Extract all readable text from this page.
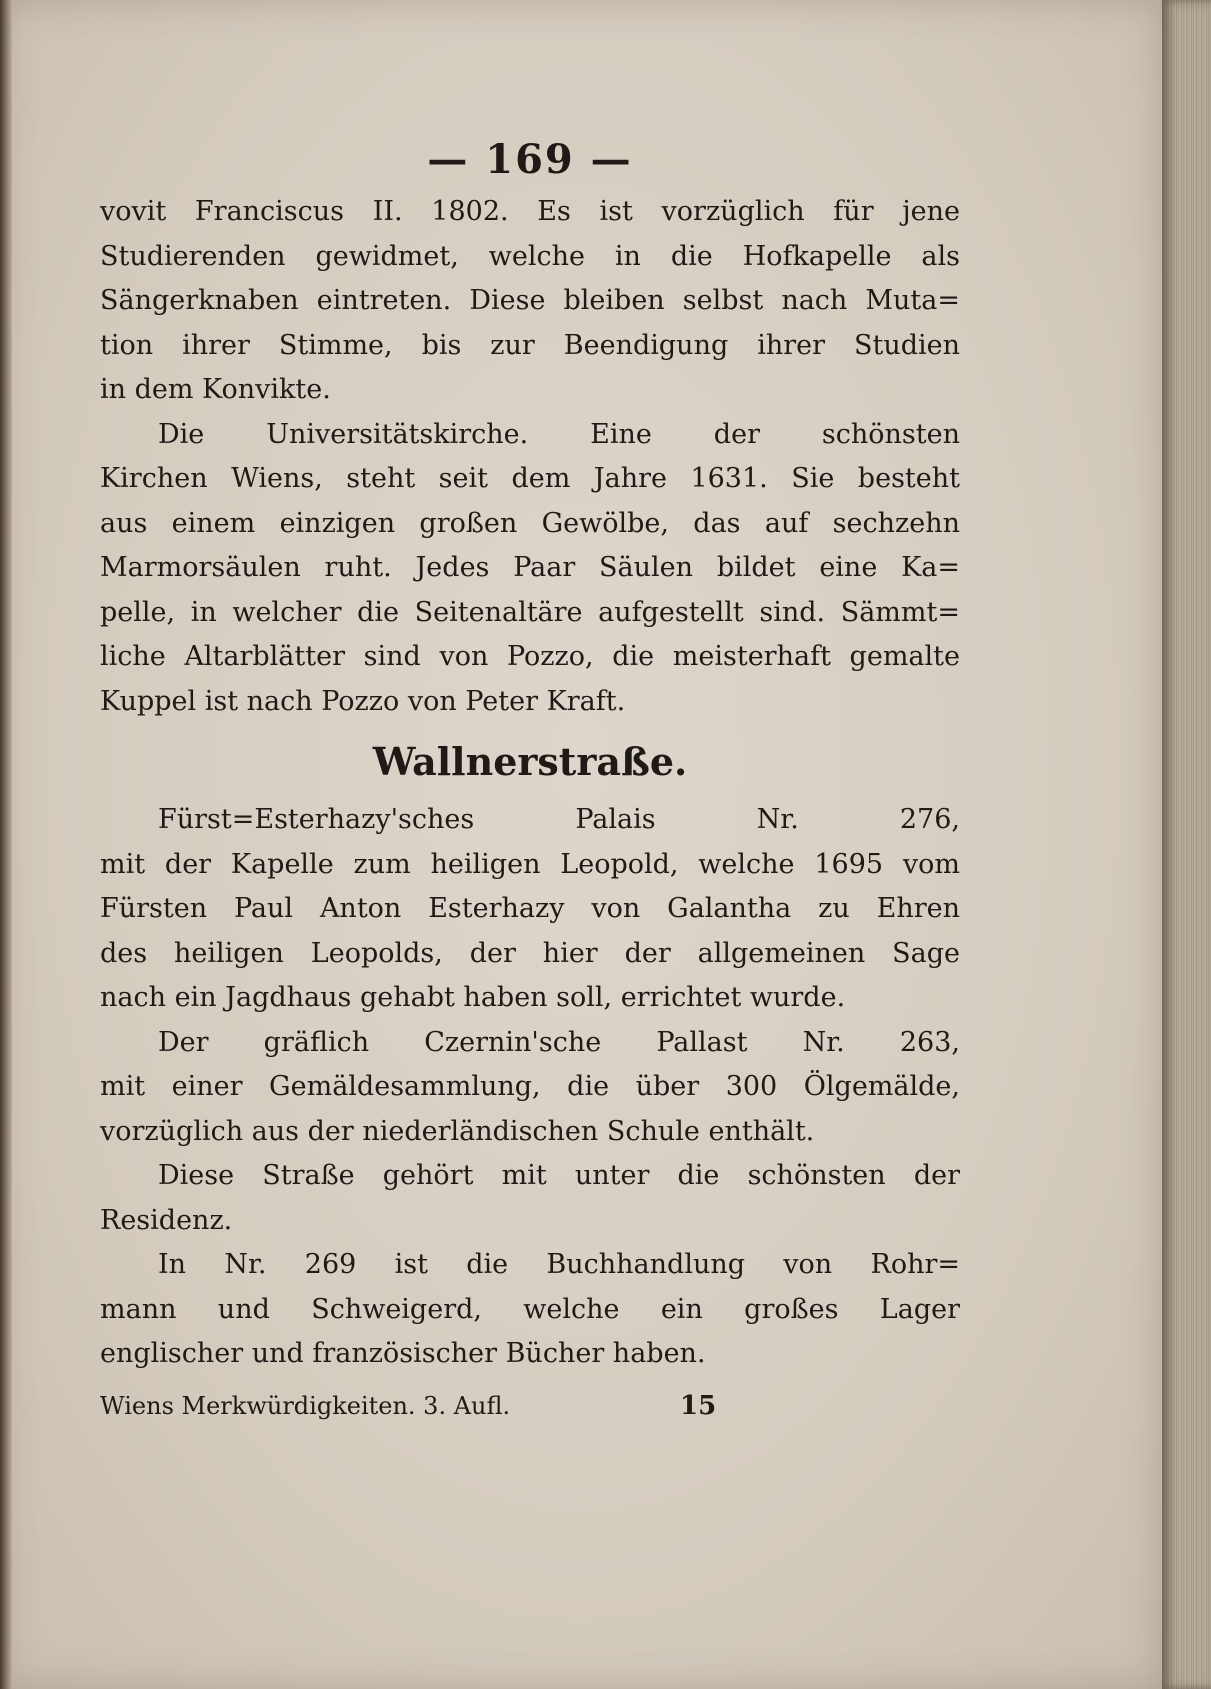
— 169 —
vovit Franciscus II. 1802. Es ist vorzüglich für jene
Studierenden gewidmet, welche in die Hofkapelle als
Sängerknaben eintreten. Diese bleiben selbst nach Muta=
tion ihrer Stimme, bis zur Beendigung ihrer Studien
in dem Konvikte.
Die Universitätskirche. Eine der schönsten
Kirchen Wiens, steht seit dem Jahre 1631. Sie besteht
aus einem einzigen großen Gewölbe, das auf sechzehn
Marmorsäulen ruht. Jedes Paar Säulen bildet eine Ka=
pelle, in welcher die Seitenaltäre aufgestellt sind. Sämmt=
liche Altarblätter sind von Pozzo, die meisterhaft gemalte
Kuppel ist nach Pozzo von Peter Kraft.
Wallnerstraße.
Fürst=Esterhazy'sches Palais Nr. 276,
mit der Kapelle zum heiligen Leopold, welche 1695 vom
Fürsten Paul Anton Esterhazy von Galantha zu Ehren
des heiligen Leopolds, der hier der allgemeinen Sage
nach ein Jagdhaus gehabt haben soll, errichtet wurde.
Der gräflich Czernin'sche Pallast Nr. 263,
mit einer Gemäldesammlung, die über 300 Ölgemälde,
vorzüglich aus der niederländischen Schule enthält.
Diese Straße gehört mit unter die schönsten der
Residenz.
In Nr. 269 ist die Buchhandlung von Rohr=
mann und Schweigerd, welche ein großes Lager
englischer und französischer Bücher haben.
Wiens Merkwürdigkeiten. 3. Aufl.	15
